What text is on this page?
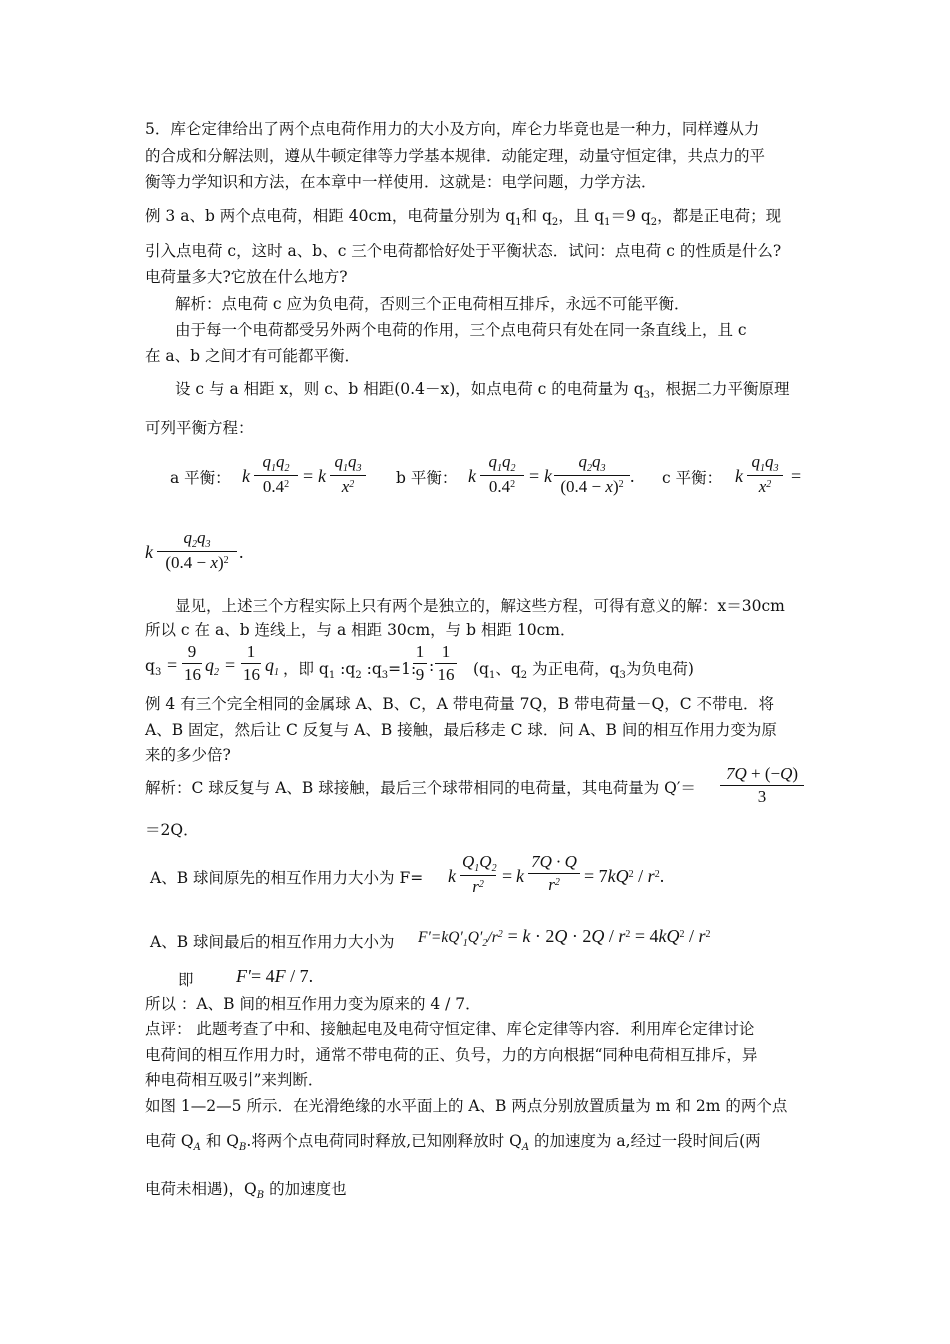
5．库仑定律给出了两个点电荷作用力的大小及方向，库仑力毕竟也是一种力，同样遵从力
的合成和分解法则，遵从牛顿定律等力学基本规律．动能定理，动量守恒定律，共点力的平
衡等力学知识和方法，在本章中一样使用．这就是：电学问题，力学方法．
例 3 a、b 两个点电荷，相距 40cm，电荷量分别为 $q_1$和 $q_2$，且 $q_1=9$ $q_2$，都是正电荷；现
引入点电荷 c，这时 a、b、c 三个电荷都恰好处于平衡状态．试问：点电荷 c 的性质是什么?
电荷量多大?它放在什么地方?
解析：点电荷 c 应为负电荷，否则三个正电荷相互排斥，永远不可能平衡．
由于每一个电荷都受另外两个电荷的作用，三个点电荷只有处在同一条直线上，且 c
在 a、b 之间才有可能都平衡．
设 c 与 a 相距 x，则 c、b 相距(0.4－x)，如点电荷 c 的电荷量为 $q_3$，根据二力平衡原理
可列平衡方程：
a 平衡： k
$q_1q_2$
$0.4^2 = k$
$q_1q_3$
$x^2$	b 平衡： k
$q_1q_2$
$0.4^2 = k$
$q_2q_3$
$(0.4 - x)^2$ . c 平衡： k
$q_1q_3$
$x^2$	=
k
$q_2q_3$
$(0.4 - x)^2$ .
显见，上述三个方程实际上只有两个是独立的，解这些方程，可得有意义的解：x＝30cm
所以 c 在 a、b 连线上，与 a 相距 30cm，与 b 相距 10cm．
$q_3$ =
9
16 $q_2$ =
1
16 $q_1$ ，即 $q_1$ $:q_2$ $:q_3=1$:
1
9 :
1
16 ($q_1$、$q_2$ 为正电荷，$q_3$为负电荷)
例 4 有三个完全相同的金属球 A、B、C，A 带电荷量 7Q，B 带电荷量－Q，C 不带电．将
A、B 固定，然后让 C 反复与 A、B 接触，最后移走 C 球．问 A、B 间的相互作用力变为原
来的多少倍?
解析：C 球反复与 A、B 球接触，最后三个球带相同的电荷量，其电荷量为 Q′＝
7Q + (−Q)
3
＝2Q．
A、B 球间原先的相互作用力大小为 F= k
$Q_1Q_2$
$r^2$	= k
7Q · Q
$r^2$	= $7kQ^2 / r^2$.
A、B 球间最后的相互作用力大小为 $F'=kQ'_1Q'_2/r^2 = k \cdot 2Q \cdot 2Q / r^2 = 4kQ^2 / r^2$
即 F′= 4F / 7.
所以 ：A、B 间的相互作用力变为原来的 4 / 7．
点评： 此题考查了中和、接触起电及电荷守恒定律、库仑定律等内容．利用库仑定律讨论
电荷间的相互作用力时，通常不带电荷的正、负号，力的方向根据“同种电荷相互排斥，异
种电荷相互吸引”来判断．
如图 1—2—5 所示．在光滑绝缘的水平面上的 A、B 两点分别放置质量为 m 和 2m 的两个点
电荷 $Q_A$ 和 $Q_B$.将两个点电荷同时释放,已知刚释放时 $Q_A$ 的加速度为 a,经过一段时间后(两
电荷未相遇)，$Q_B$ 的加速度也
